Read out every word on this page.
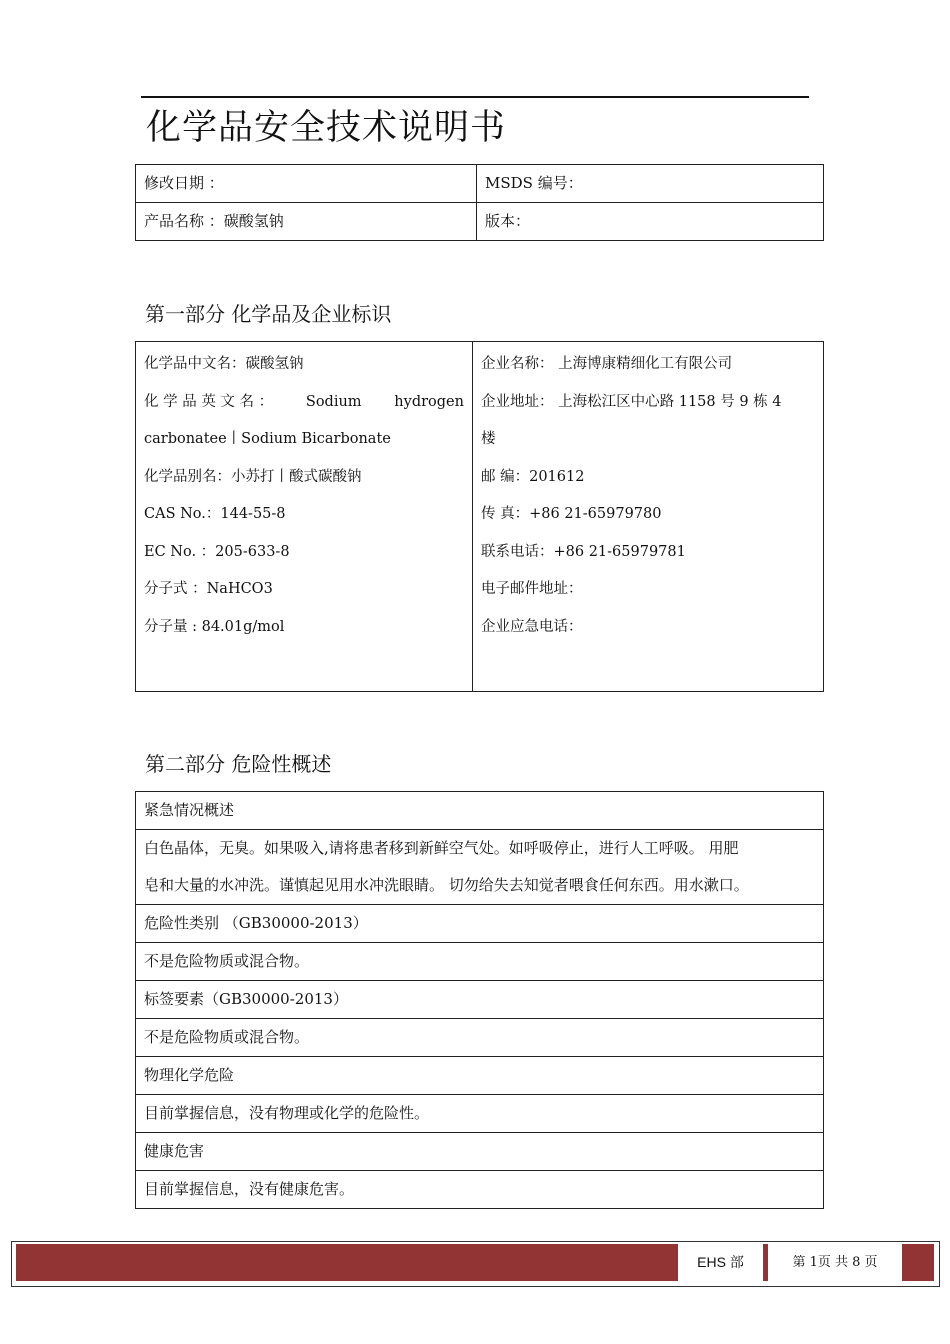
化学品安全技术说明书
修改日期 ：	MSDS 编号：
产品名称 ：碳酸氢钠	版本：
第一部分 化学品及企业标识
化学品中文名：碳酸氢钠
化 学 品 英 文 名 ： Sodium hydrogen
carbonatee丨Sodium Bicarbonate
化学品别名：小苏打丨酸式碳酸钠
CAS No.：144-55-8
EC No. ：205-633-8
分子式 ：NaHCO3
分子量 : 84.01g/mol

企业名称： 上海博康精细化工有限公司
企业地址： 上海松江区中心路 1158 号 9 栋 4
楼
邮 编：201612
传 真：+86 21-65979780
联系电话：+86 21-65979781
电子邮件地址：
企业应急电话：
第二部分 危险性概述
紧急情况概述

白色晶体，无臭。如果吸入,请将患者移到新鲜空气处。如呼吸停止，进行人工呼吸。 用肥
皂和大量的水冲洗。谨慎起见用水冲洗眼睛。 切勿给失去知觉者喂食任何东西。用水漱口。

危险性类别 （GB30000-2013）
不是危险物质或混合物。
标签要素（GB30000-2013）
不是危险物质或混合物。
物理化学危险
目前掌握信息，没有物理或化学的危险性。
健康危害
目前掌握信息，没有健康危害。
EHS 部	第 1页 共 8 页
